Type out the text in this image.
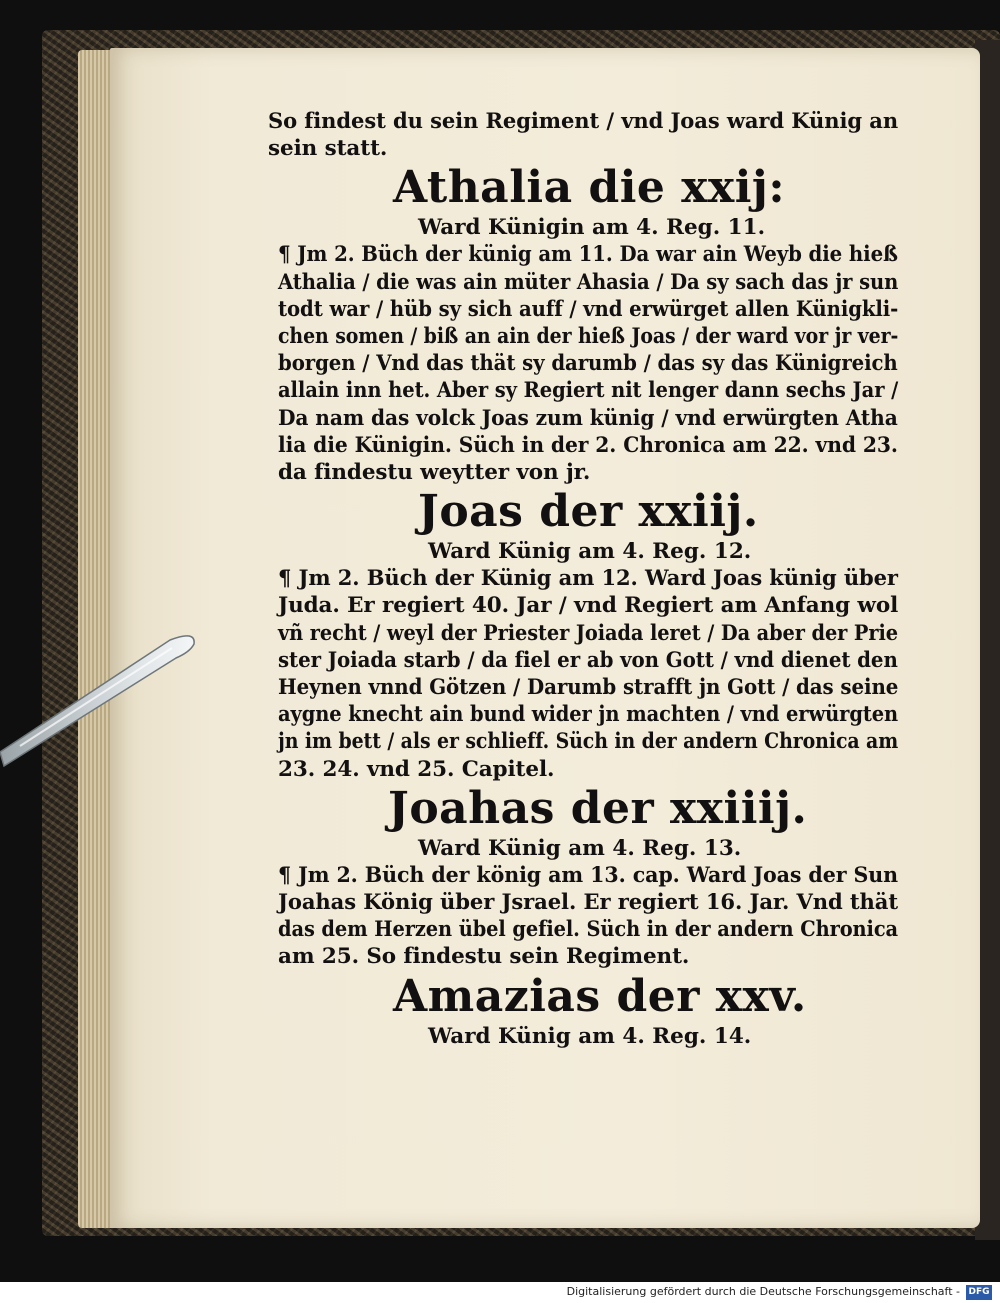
So findest du sein Regiment / vnd Joas ward Künig an
sein statt.
Athalia die xxij:
Ward Künigin am 4. Reg. 11.
¶ Jm 2. Büch der künig am 11. Da war ain Weyb die hieß
Athalia / die was ain müter Ahasia / Da sy sach das jr sun
todt war / hüb sy sich auff / vnd erwürget allen Künigkli-
chen somen / biß an ain der hieß Joas / der ward vor jr ver-
borgen / Vnd das thät sy darumb / das sy das Künigreich
allain inn het. Aber sy Regiert nit lenger dann sechs Jar /
Da nam das volck Joas zum künig / vnd erwürgten Atha
lia die Künigin. Süch in der 2. Chronica am 22. vnd 23.
da findestu weytter von jr.
Joas der xxiij.
Ward Künig am 4. Reg. 12.
¶ Jm 2. Büch der Künig am 12. Ward Joas künig über
Juda. Er regiert 40. Jar / vnd Regiert am Anfang wol
vñ recht / weyl der Priester Joiada leret / Da aber der Prie
ster Joiada starb / da fiel er ab von Gott / vnd dienet den
Heynen vnnd Götzen / Darumb strafft jn Gott / das seine
aygne knecht ain bund wider jn machten / vnd erwürgten
jn im bett / als er schlieff. Süch in der andern Chronica am
23. 24. vnd 25. Capitel.
Joahas der xxiiij.
Ward Künig am 4. Reg. 13.
¶ Jm 2. Büch der könig am 13. cap. Ward Joas der Sun
Joahas König über Jsrael. Er regiert 16. Jar. Vnd thät
das dem Herzen übel gefiel. Süch in der andern Chronica
am 25. So findestu sein Regiment.
Amazias der xxv.
Ward Künig am 4. Reg. 14.
Digitalisierung gefördert durch die Deutsche Forschungsgemeinschaft - DFG
